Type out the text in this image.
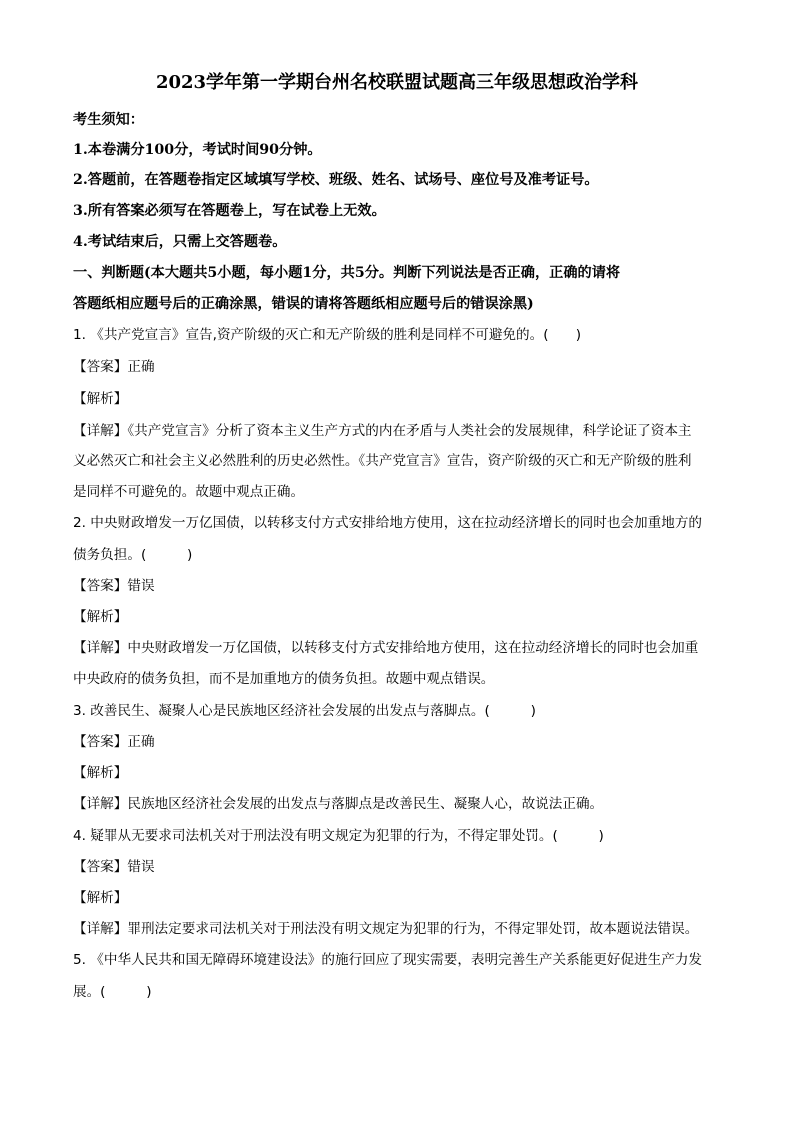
2023学年第一学期台州名校联盟试题高三年级思想政治学科
考生须知：
1.本卷满分100分，考试时间90分钟。
2.答题前，在答题卷指定区域填写学校、班级、姓名、试场号、座位号及准考证号。
3.所有答案必须写在答题卷上，写在试卷上无效。
4.考试结束后，只需上交答题卷。
一、判断题(本大题共5小题，每小题1分，共5分。判断下列说法是否正确，正确的请将
答题纸相应题号后的正确涂黑，错误的请将答题纸相应题号后的错误涂黑)
1. 《共产党宣言》宣告,资产阶级的灭亡和无产阶级的胜利是同样不可避免的。(　　)
【答案】正确
【解析】
【详解】《共产党宣言》分析了资本主义生产方式的内在矛盾与人类社会的发展规律，科学论证了资本主
义必然灭亡和社会主义必然胜利的历史必然性。《共产党宣言》宣告，资产阶级的灭亡和无产阶级的胜利
是同样不可避免的。故题中观点正确。
2. 中央财政增发一万亿国债，以转移支付方式安排给地方使用，这在拉动经济增长的同时也会加重地方的
债务负担。(　　　)
【答案】错误
【解析】
【详解】中央财政增发一万亿国债，以转移支付方式安排给地方使用，这在拉动经济增长的同时也会加重
中央政府的债务负担，而不是加重地方的债务负担。故题中观点错误。
3. 改善民生、凝聚人心是民族地区经济社会发展的出发点与落脚点。(　　　)
【答案】正确
【解析】
【详解】民族地区经济社会发展的出发点与落脚点是改善民生、凝聚人心，故说法正确。
4. 疑罪从无要求司法机关对于刑法没有明文规定为犯罪的行为，不得定罪处罚。(　　　)
【答案】错误
【解析】
【详解】罪刑法定要求司法机关对于刑法没有明文规定为犯罪的行为，不得定罪处罚，故本题说法错误。
5. 《中华人民共和国无障碍环境建设法》的施行回应了现实需要，表明完善生产关系能更好促进生产力发
展。(　　　)
